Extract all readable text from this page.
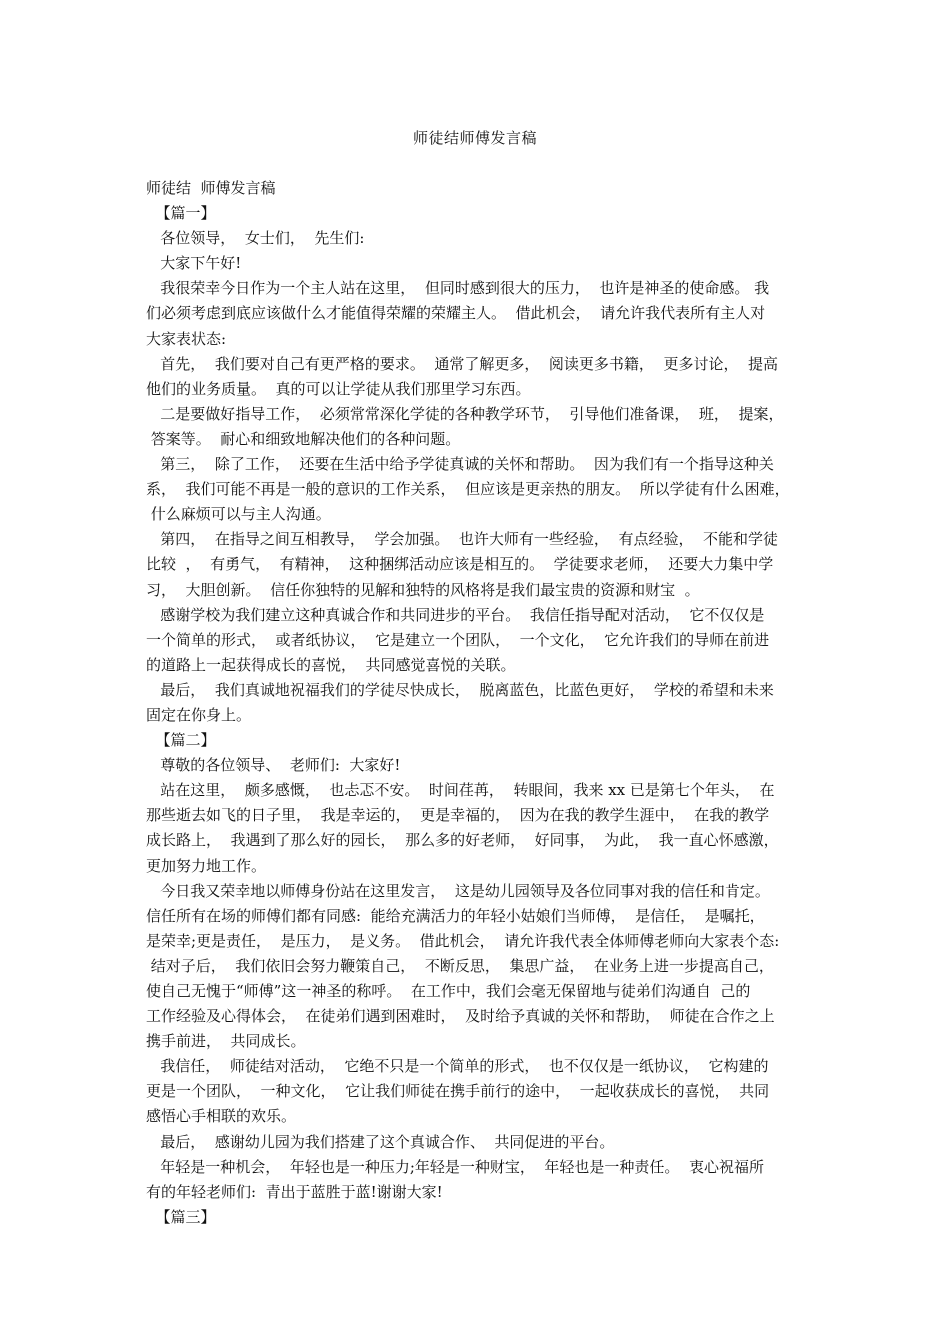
师徒结师傅发言稿
师徒结  师傅发言稿
【篇一】
各位领导，  女士们，  先生们:
大家下午好!
我很荣幸今日作为一个主人站在这里，  但同时感到很大的压力，  也许是神圣的使命感。 我
们必须考虑到底应该做什么才能值得荣耀的荣耀主人。  借此机会，  请允许我代表所有主人对
大家表状态:
首先，  我们要对自己有更严格的要求。  通常了解更多，  阅读更多书籍，  更多讨论，  提高
他们的业务质量。  真的可以让学徒从我们那里学习东西。
二是要做好指导工作，  必须常常深化学徒的各种教学环节，  引导他们准备课，  班，  提案，
答案等。  耐心和细致地解决他们的各种问题。
第三，  除了工作，  还要在生活中给予学徒真诚的关怀和帮助。  因为我们有一个指导这种关
系，  我们可能不再是一般的意识的工作关系，  但应该是更亲热的朋友。  所以学徒有什么困难，
什么麻烦可以与主人沟通。
第四，  在指导之间互相教导，  学会加强。  也许大师有一些经验，  有点经验，  不能和学徒
比较  ，  有勇气，  有精神，  这种捆绑活动应该是相互的。  学徒要求老师，  还要大力集中学
习，  大胆创新。  信任你独特的见解和独特的风格将是我们最宝贵的资源和财宝  。
感谢学校为我们建立这种真诚合作和共同进步的平台。  我信任指导配对活动，  它不仅仅是
一个简单的形式，  或者纸协议，  它是建立一个团队，  一个文化，  它允许我们的导师在前进
的道路上一起获得成长的喜悦，  共同感觉喜悦的关联。
最后，  我们真诚地祝福我们的学徒尽快成长，  脱离蓝色，比蓝色更好，  学校的希望和未来
固定在你身上。
【篇二】
尊敬的各位领导、  老师们:  大家好!
站在这里，  颇多感慨，  也忐忑不安。  时间荏苒，  转眼间，我来 xx 已是第七个年头，  在
那些逝去如飞的日子里，  我是幸运的，  更是幸福的，  因为在我的教学生涯中，  在我的教学
成长路上，  我遇到了那么好的园长，  那么多的好老师，  好同事，  为此，  我一直心怀感激，
更加努力地工作。
今日我又荣幸地以师傅身份站在这里发言，  这是幼儿园领导及各位同事对我的信任和肯定。
信任所有在场的师傅们都有同感:  能给充满活力的年轻小姑娘们当师傅，  是信任，  是嘱托，
是荣幸;更是责任，  是压力，  是义务。  借此机会，  请允许我代表全体师傅老师向大家表个态:
结对子后，  我们依旧会努力鞭策自己，  不断反思，  集思广益，  在业务上进一步提高自己，
使自己无愧于“师傅”这一神圣的称呼。  在工作中，我们会毫无保留地与徒弟们沟通自  己的
工作经验及心得体会，  在徒弟们遇到困难时，  及时给予真诚的关怀和帮助，  师徒在合作之上
携手前进，  共同成长。
我信任，  师徒结对活动，  它绝不只是一个简单的形式，  也不仅仅是一纸协议，  它构建的
更是一个团队，  一种文化，  它让我们师徒在携手前行的途中，  一起收获成长的喜悦，  共同
感悟心手相联的欢乐。
最后，  感谢幼儿园为我们搭建了这个真诚合作、  共同促进的平台。
年轻是一种机会，  年轻也是一种压力;年轻是一种财宝，  年轻也是一种责任。  衷心祝福所
有的年轻老师们:  青出于蓝胜于蓝!谢谢大家!
【篇三】
